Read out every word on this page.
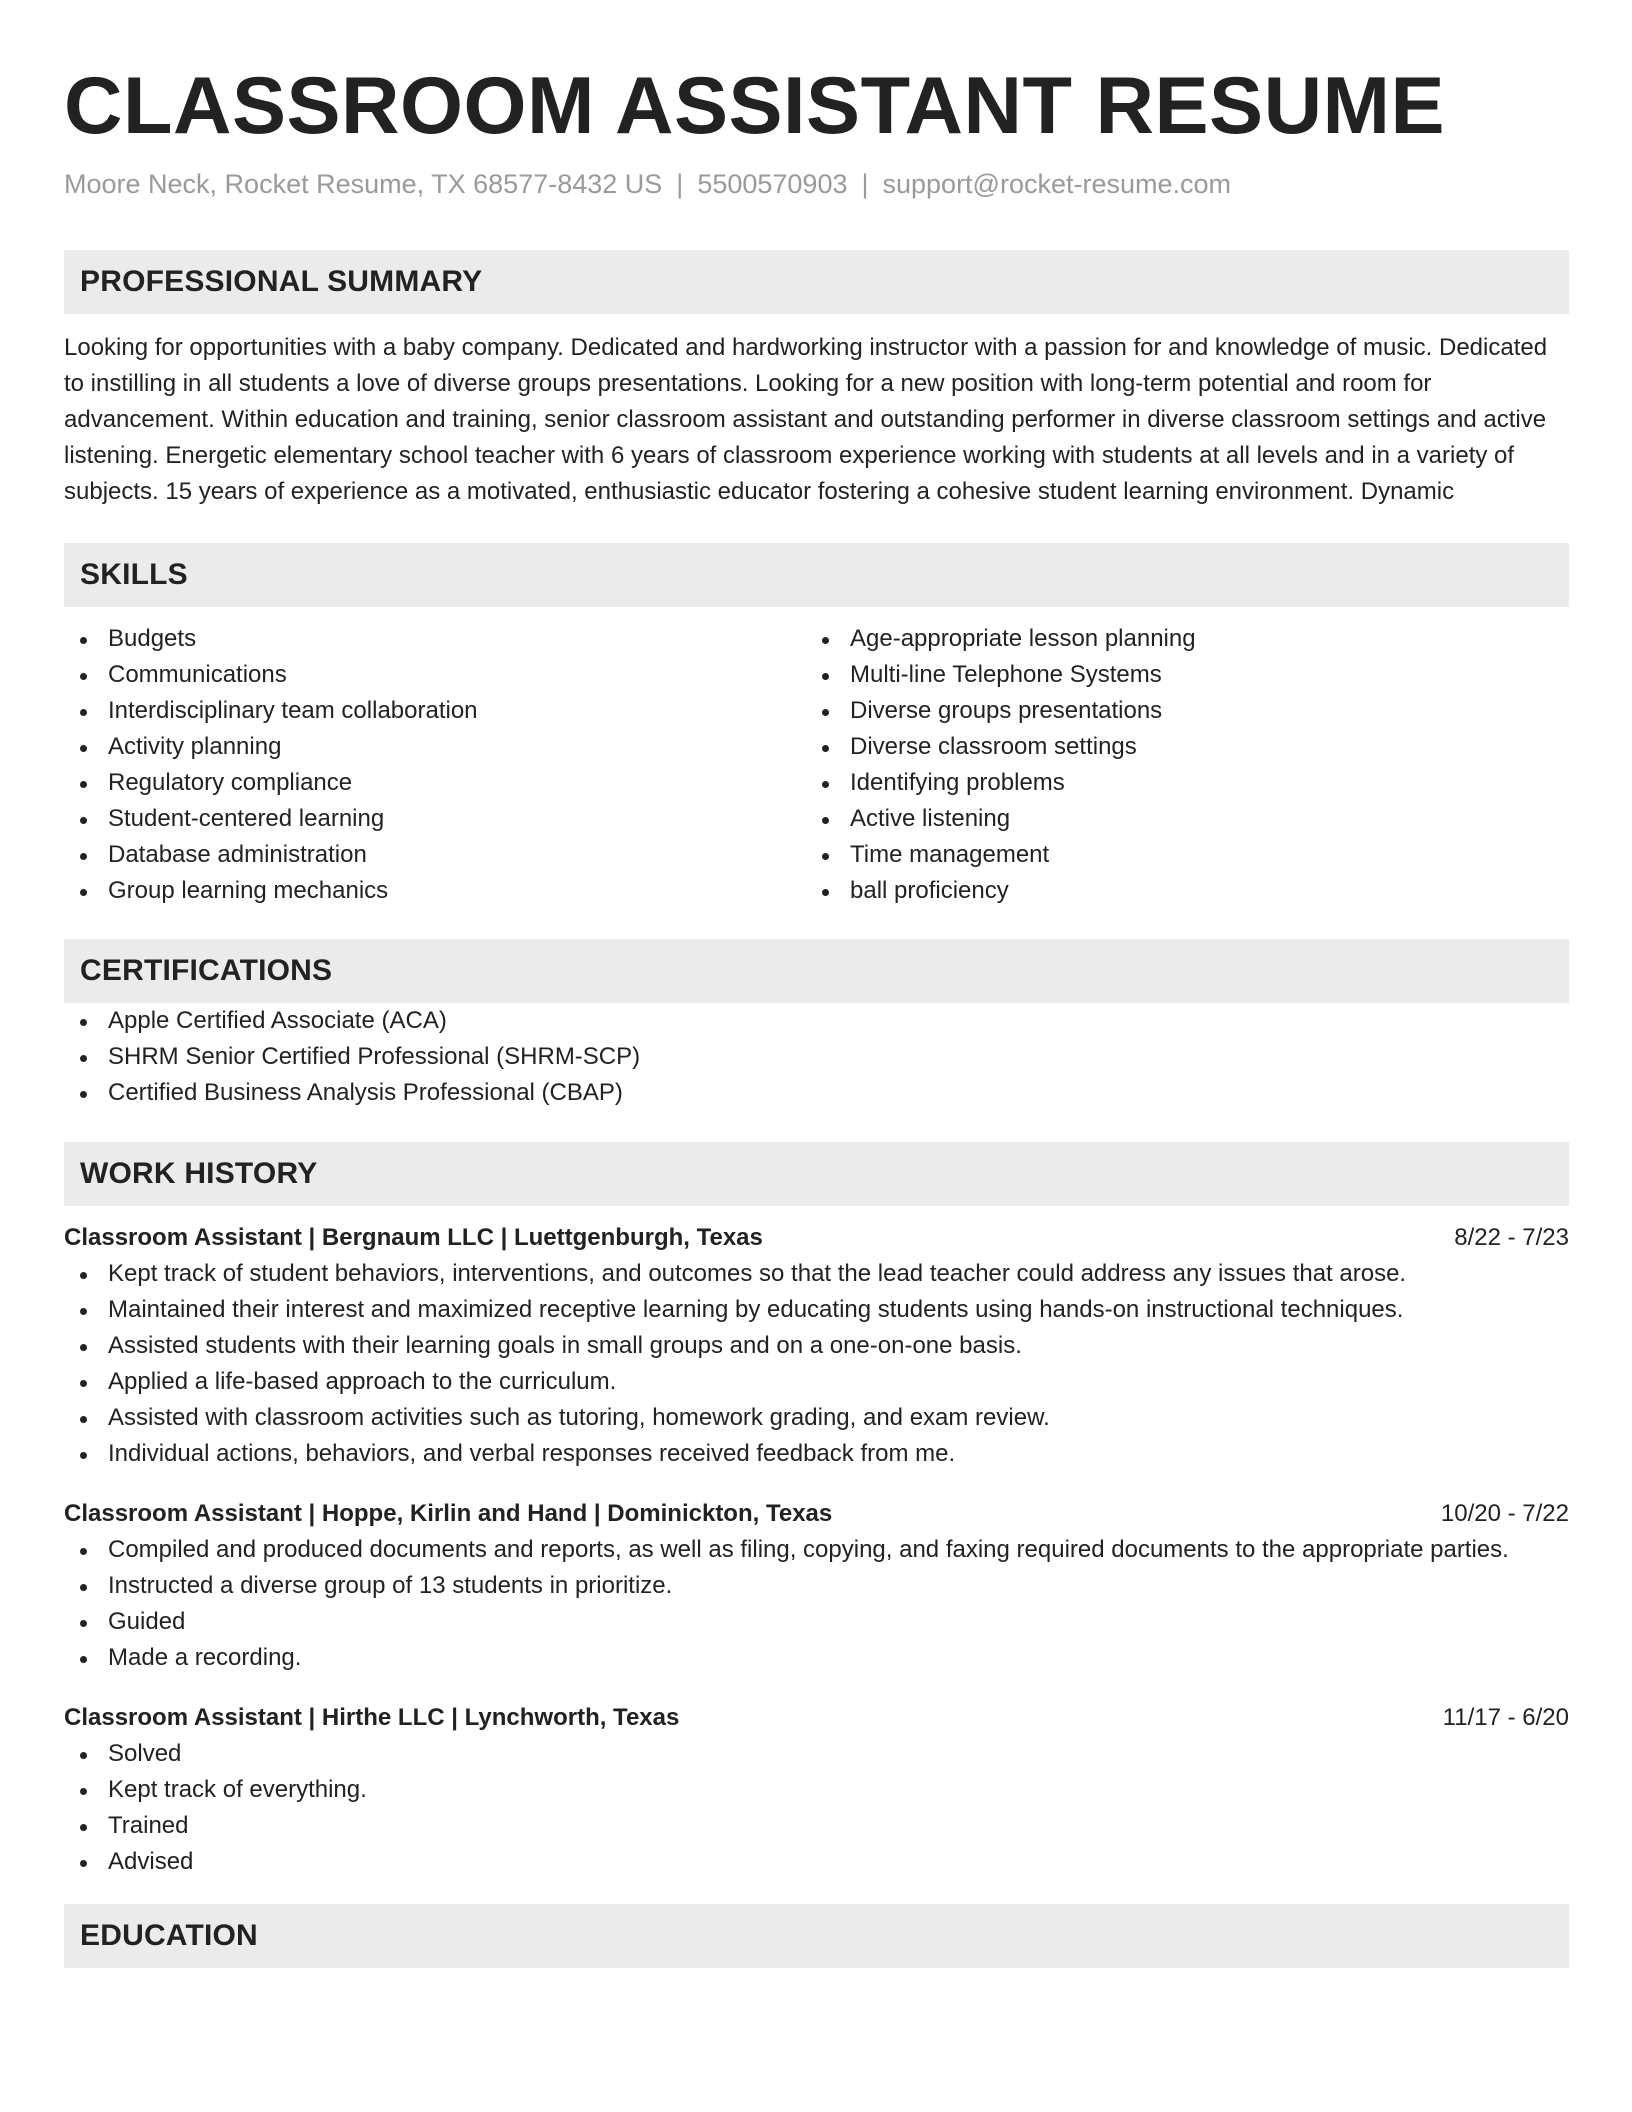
CLASSROOM ASSISTANT RESUME
Moore Neck, Rocket Resume, TX 68577-8432 US | 5500570903 | support@rocket-resume.com
PROFESSIONAL SUMMARY
Looking for opportunities with a baby company. Dedicated and hardworking instructor with a passion for and knowledge of music. Dedicated to instilling in all students a love of diverse groups presentations. Looking for a new position with long-term potential and room for advancement. Within education and training, senior classroom assistant and outstanding performer in diverse classroom settings and active listening. Energetic elementary school teacher with 6 years of classroom experience working with students at all levels and in a variety of subjects. 15 years of experience as a motivated, enthusiastic educator fostering a cohesive student learning environment. Dynamic
SKILLS
Budgets
Communications
Interdisciplinary team collaboration
Activity planning
Regulatory compliance
Student-centered learning
Database administration
Group learning mechanics
Age-appropriate lesson planning
Multi-line Telephone Systems
Diverse groups presentations
Diverse classroom settings
Identifying problems
Active listening
Time management
ball proficiency
CERTIFICATIONS
Apple Certified Associate (ACA)
SHRM Senior Certified Professional (SHRM-SCP)
Certified Business Analysis Professional (CBAP)
WORK HISTORY
Classroom Assistant | Bergnaum LLC | Luettgenburgh, Texas	8/22 - 7/23
Kept track of student behaviors, interventions, and outcomes so that the lead teacher could address any issues that arose.
Maintained their interest and maximized receptive learning by educating students using hands-on instructional techniques.
Assisted students with their learning goals in small groups and on a one-on-one basis.
Applied a life-based approach to the curriculum.
Assisted with classroom activities such as tutoring, homework grading, and exam review.
Individual actions, behaviors, and verbal responses received feedback from me.
Classroom Assistant | Hoppe, Kirlin and Hand | Dominickton, Texas	10/20 - 7/22
Compiled and produced documents and reports, as well as filing, copying, and faxing required documents to the appropriate parties.
Instructed a diverse group of 13 students in prioritize.
Guided
Made a recording.
Classroom Assistant | Hirthe LLC | Lynchworth, Texas	11/17 - 6/20
Solved
Kept track of everything.
Trained
Advised
EDUCATION
